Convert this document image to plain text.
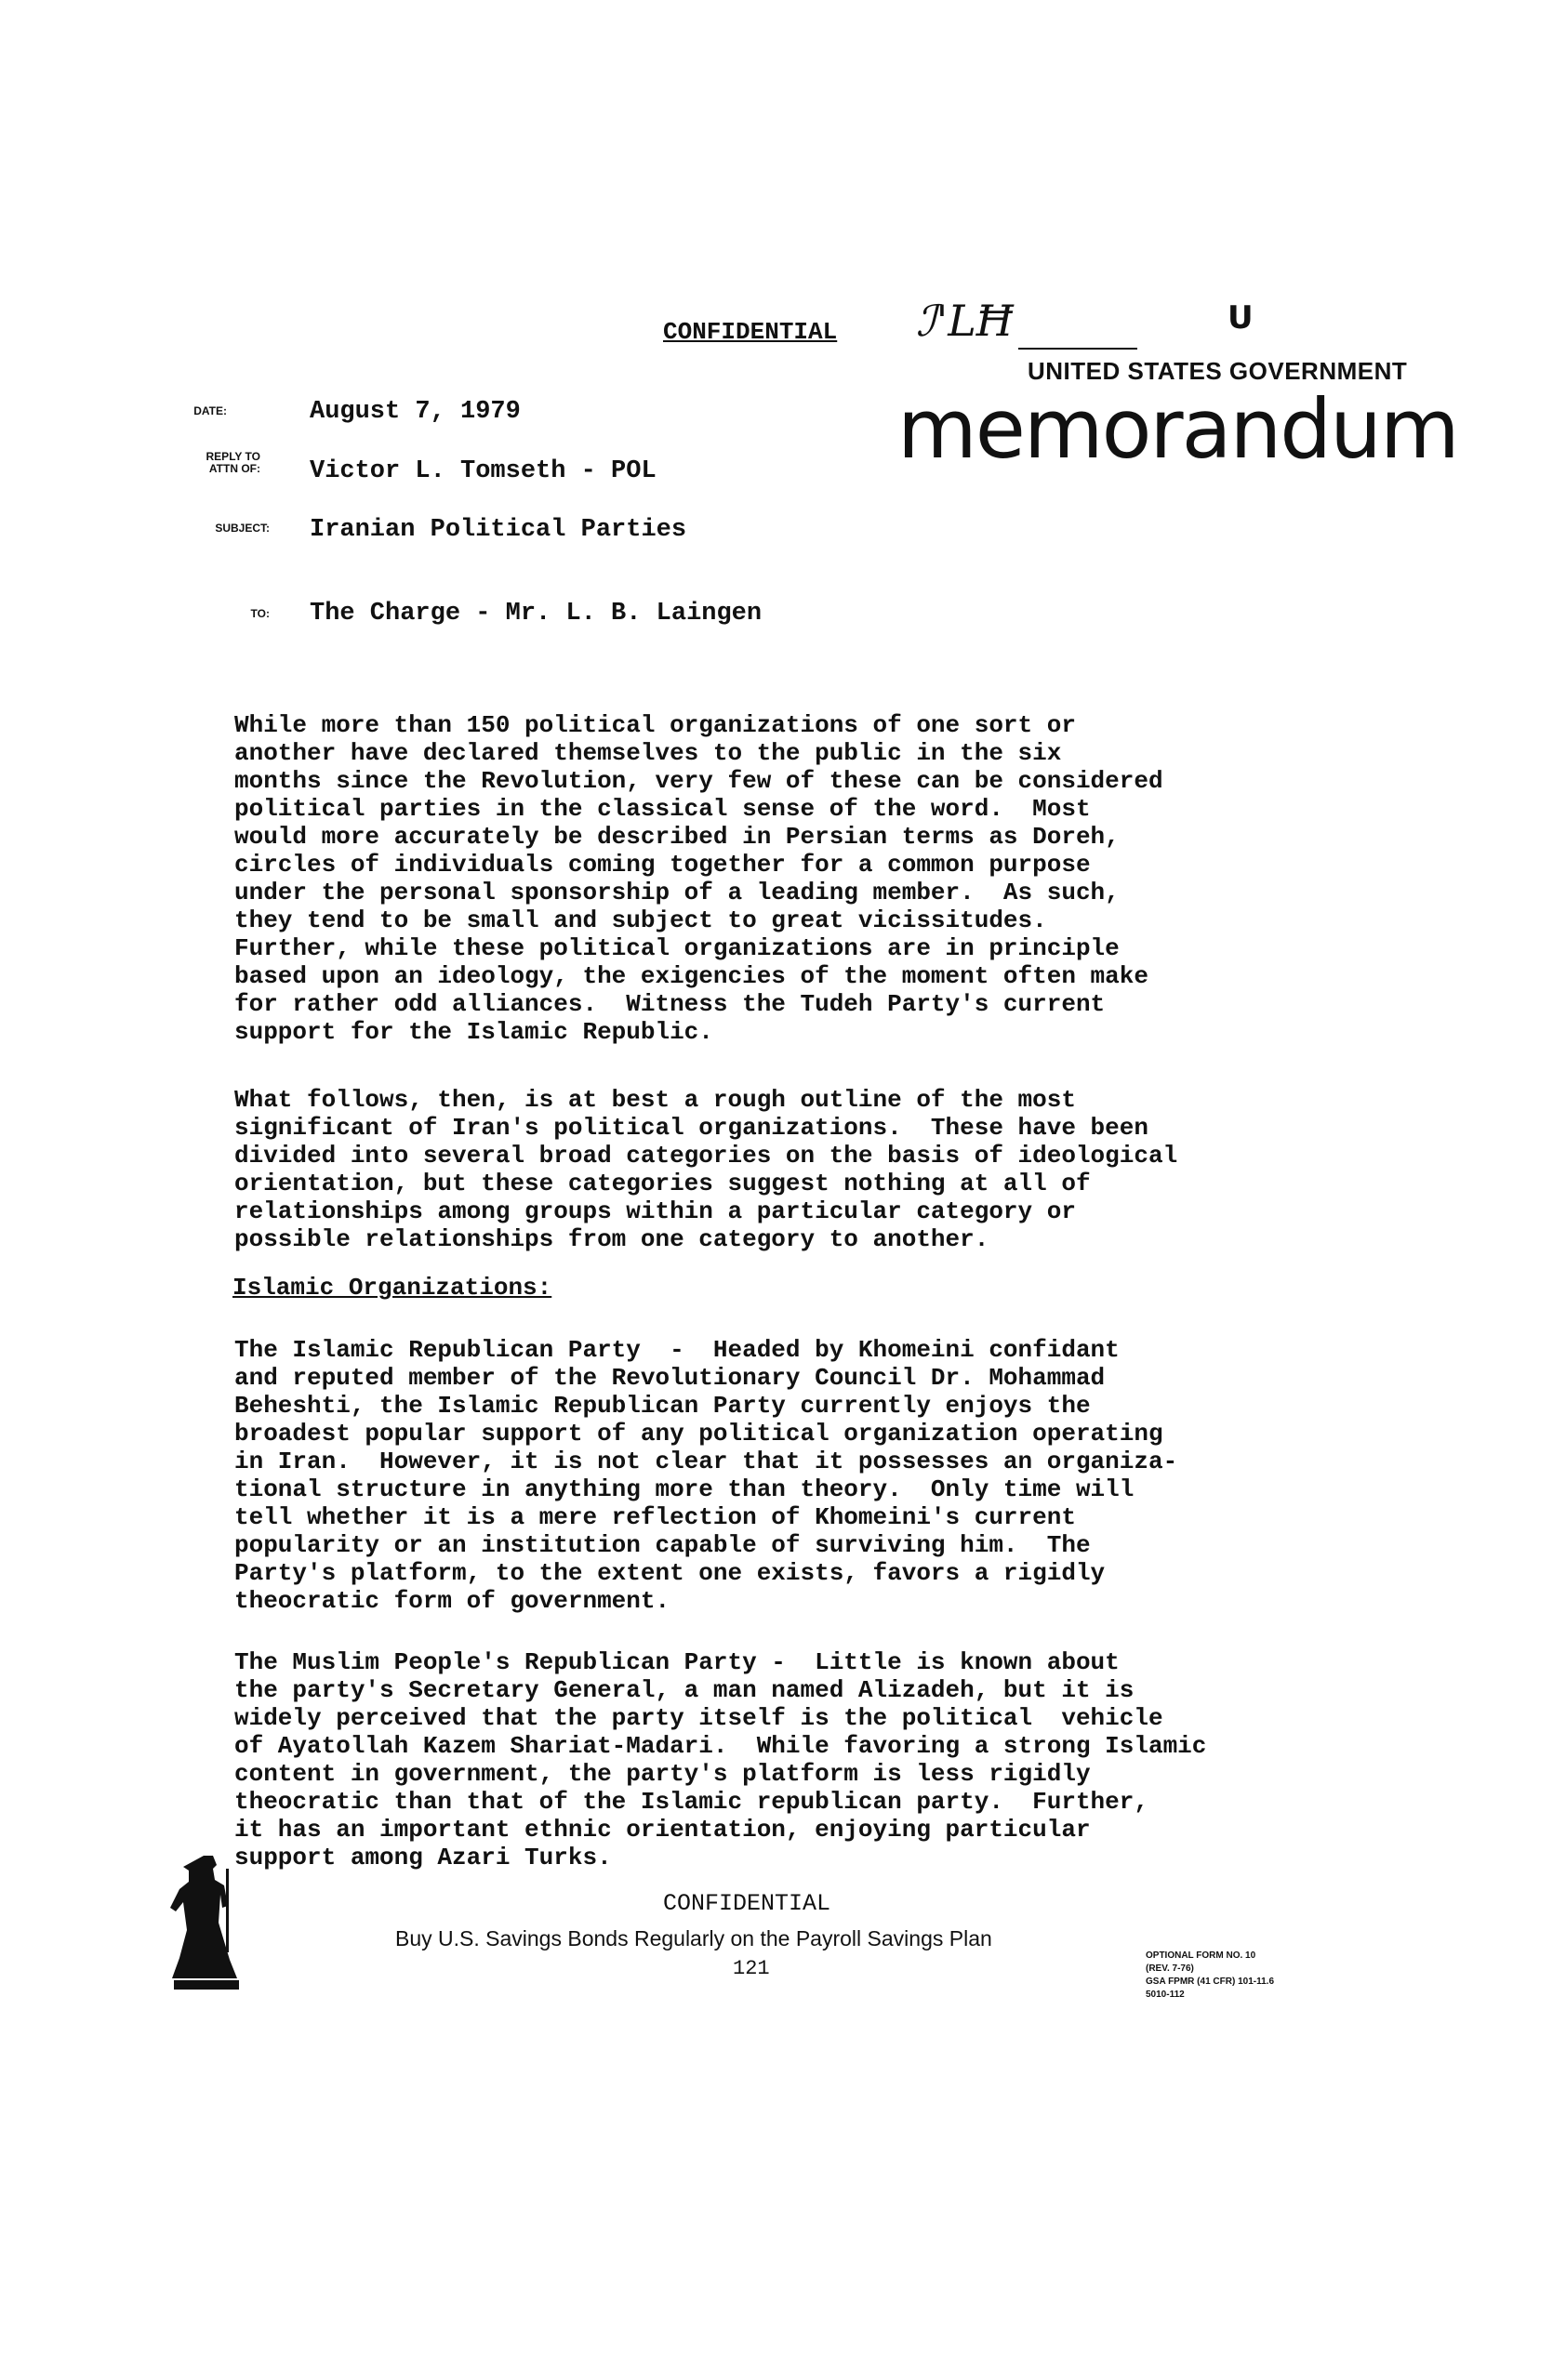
CONFIDENTIAL ℐ'LĦ	U
UNITED STATES GOVERNMENT
memorandum
DATE:	August 7, 1979
REPLY TO
ATTN OF: Victor L. Tomseth - POL
SUBJECT: Iranian Political Parties
TO: The Charge - Mr. L. B. Laingen
While more than 150 political organizations of one sort or
another have declared themselves to the public in the six
months since the Revolution, very few of these can be considered
political parties in the classical sense of the word.  Most
would more accurately be described in Persian terms as Doreh,
circles of individuals coming together for a common purpose
under the personal sponsorship of a leading member.  As such,
they tend to be small and subject to great vicissitudes.
Further, while these political organizations are in principle
based upon an ideology, the exigencies of the moment often make
for rather odd alliances.  Witness the Tudeh Party's current
support for the Islamic Republic.
What follows, then, is at best a rough outline of the most
significant of Iran's political organizations.  These have been
divided into several broad categories on the basis of ideological
orientation, but these categories suggest nothing at all of
relationships among groups within a particular category or
possible relationships from one category to another.
Islamic Organizations:
The Islamic Republican Party  -  Headed by Khomeini confidant
and reputed member of the Revolutionary Council Dr. Mohammad
Beheshti, the Islamic Republican Party currently enjoys the
broadest popular support of any political organization operating
in Iran.  However, it is not clear that it possesses an organiza-
tional structure in anything more than theory.  Only time will
tell whether it is a mere reflection of Khomeini's current
popularity or an institution capable of surviving him.  The
Party's platform, to the extent one exists, favors a rigidly
theocratic form of government.
The Muslim People's Republican Party -  Little is known about
the party's Secretary General, a man named Alizadeh, but it is
widely perceived that the party itself is the political  vehicle
of Ayatollah Kazem Shariat-Madari.  While favoring a strong Islamic
content in government, the party's platform is less rigidly
theocratic than that of the Islamic republican party.  Further,
it has an important ethnic orientation, enjoying particular
support among Azari Turks.
CONFIDENTIAL
Buy U.S. Savings Bonds Regularly on the Payroll Savings Plan
121
OPTIONAL FORM NO. 10
(REV. 7-76)
GSA FPMR (41 CFR) 101-11.6
5010-112
